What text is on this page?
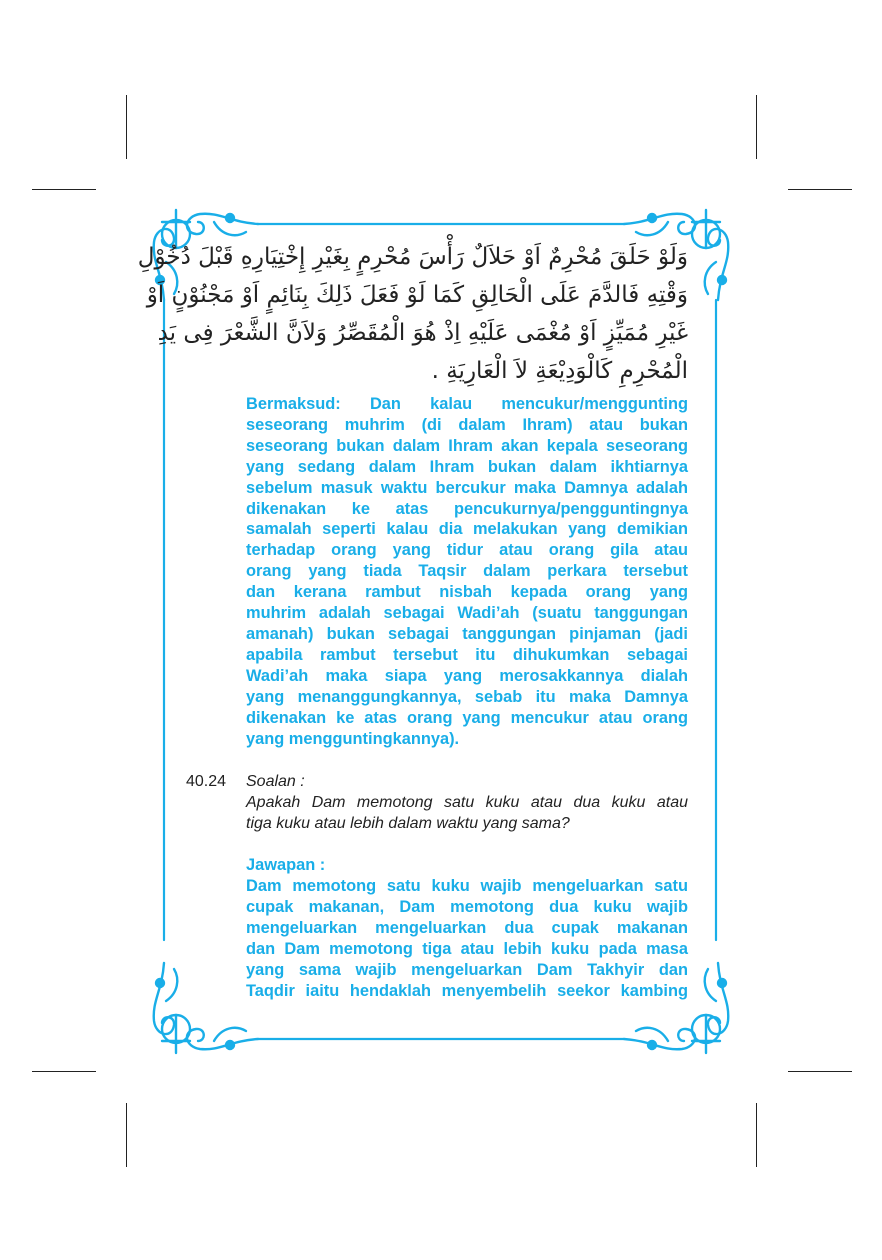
وَلَوْ حَلَقَ مُحْرِمٌ اَوْ حَلاَلٌ رَأْسَ مُحْرِمٍ بِغَيْرِ إِخْتِيَارِهِ قَبْلَ دُخُوْلِ
وَقْتِهِ فَالدَّمَ عَلَى الْحَالِقِ كَمَا لَوْ فَعَلَ ذَلِكَ بِنَائِمٍ اَوْ مَجْنُوْنٍ اَوْ
غَيْرِ مُمَيِّزٍ اَوْ مُغْمَى عَلَيْهِ اِذْ هُوَ الْمُقَصِّرُ وَلاَنَّ الشَّعْرَ فِى يَدِ
الْمُحْرِمِ كَالْوَدِيْعَةِ لاَ الْعَارِيَةِ .
Bermaksud: Dan kalau mencukur/menggunting
seseorang muhrim (di dalam Ihram) atau bukan
seseorang bukan dalam Ihram akan kepala seseorang
yang sedang dalam Ihram bukan dalam ikhtiarnya
sebelum masuk waktu bercukur maka Damnya adalah
dikenakan ke atas pencukurnya/pengguntingnya
samalah seperti kalau dia melakukan yang demikian
terhadap orang yang tidur atau orang gila atau
orang yang tiada Taqsir dalam perkara tersebut
dan kerana rambut nisbah kepada orang yang
muhrim adalah sebagai Wadi’ah (suatu tanggungan
amanah) bukan sebagai tanggungan pinjaman (jadi
apabila rambut tersebut itu dihukumkan sebagai
Wadi’ah maka siapa yang merosakkannya dialah
yang menanggungkannya, sebab itu maka Damnya
dikenakan ke atas orang yang mencukur atau orang
yang mengguntingkannya).
40.24	Soalan :
Apakah Dam memotong satu kuku atau dua kuku atau
tiga kuku atau lebih dalam waktu yang sama?
Jawapan :
Dam memotong satu kuku wajib mengeluarkan satu
cupak makanan, Dam memotong dua kuku wajib
mengeluarkan mengeluarkan dua cupak makanan
dan Dam memotong tiga atau lebih kuku pada masa
yang sama wajib mengeluarkan Dam Takhyir dan
Taqdir iaitu hendaklah menyembelih seekor kambing
